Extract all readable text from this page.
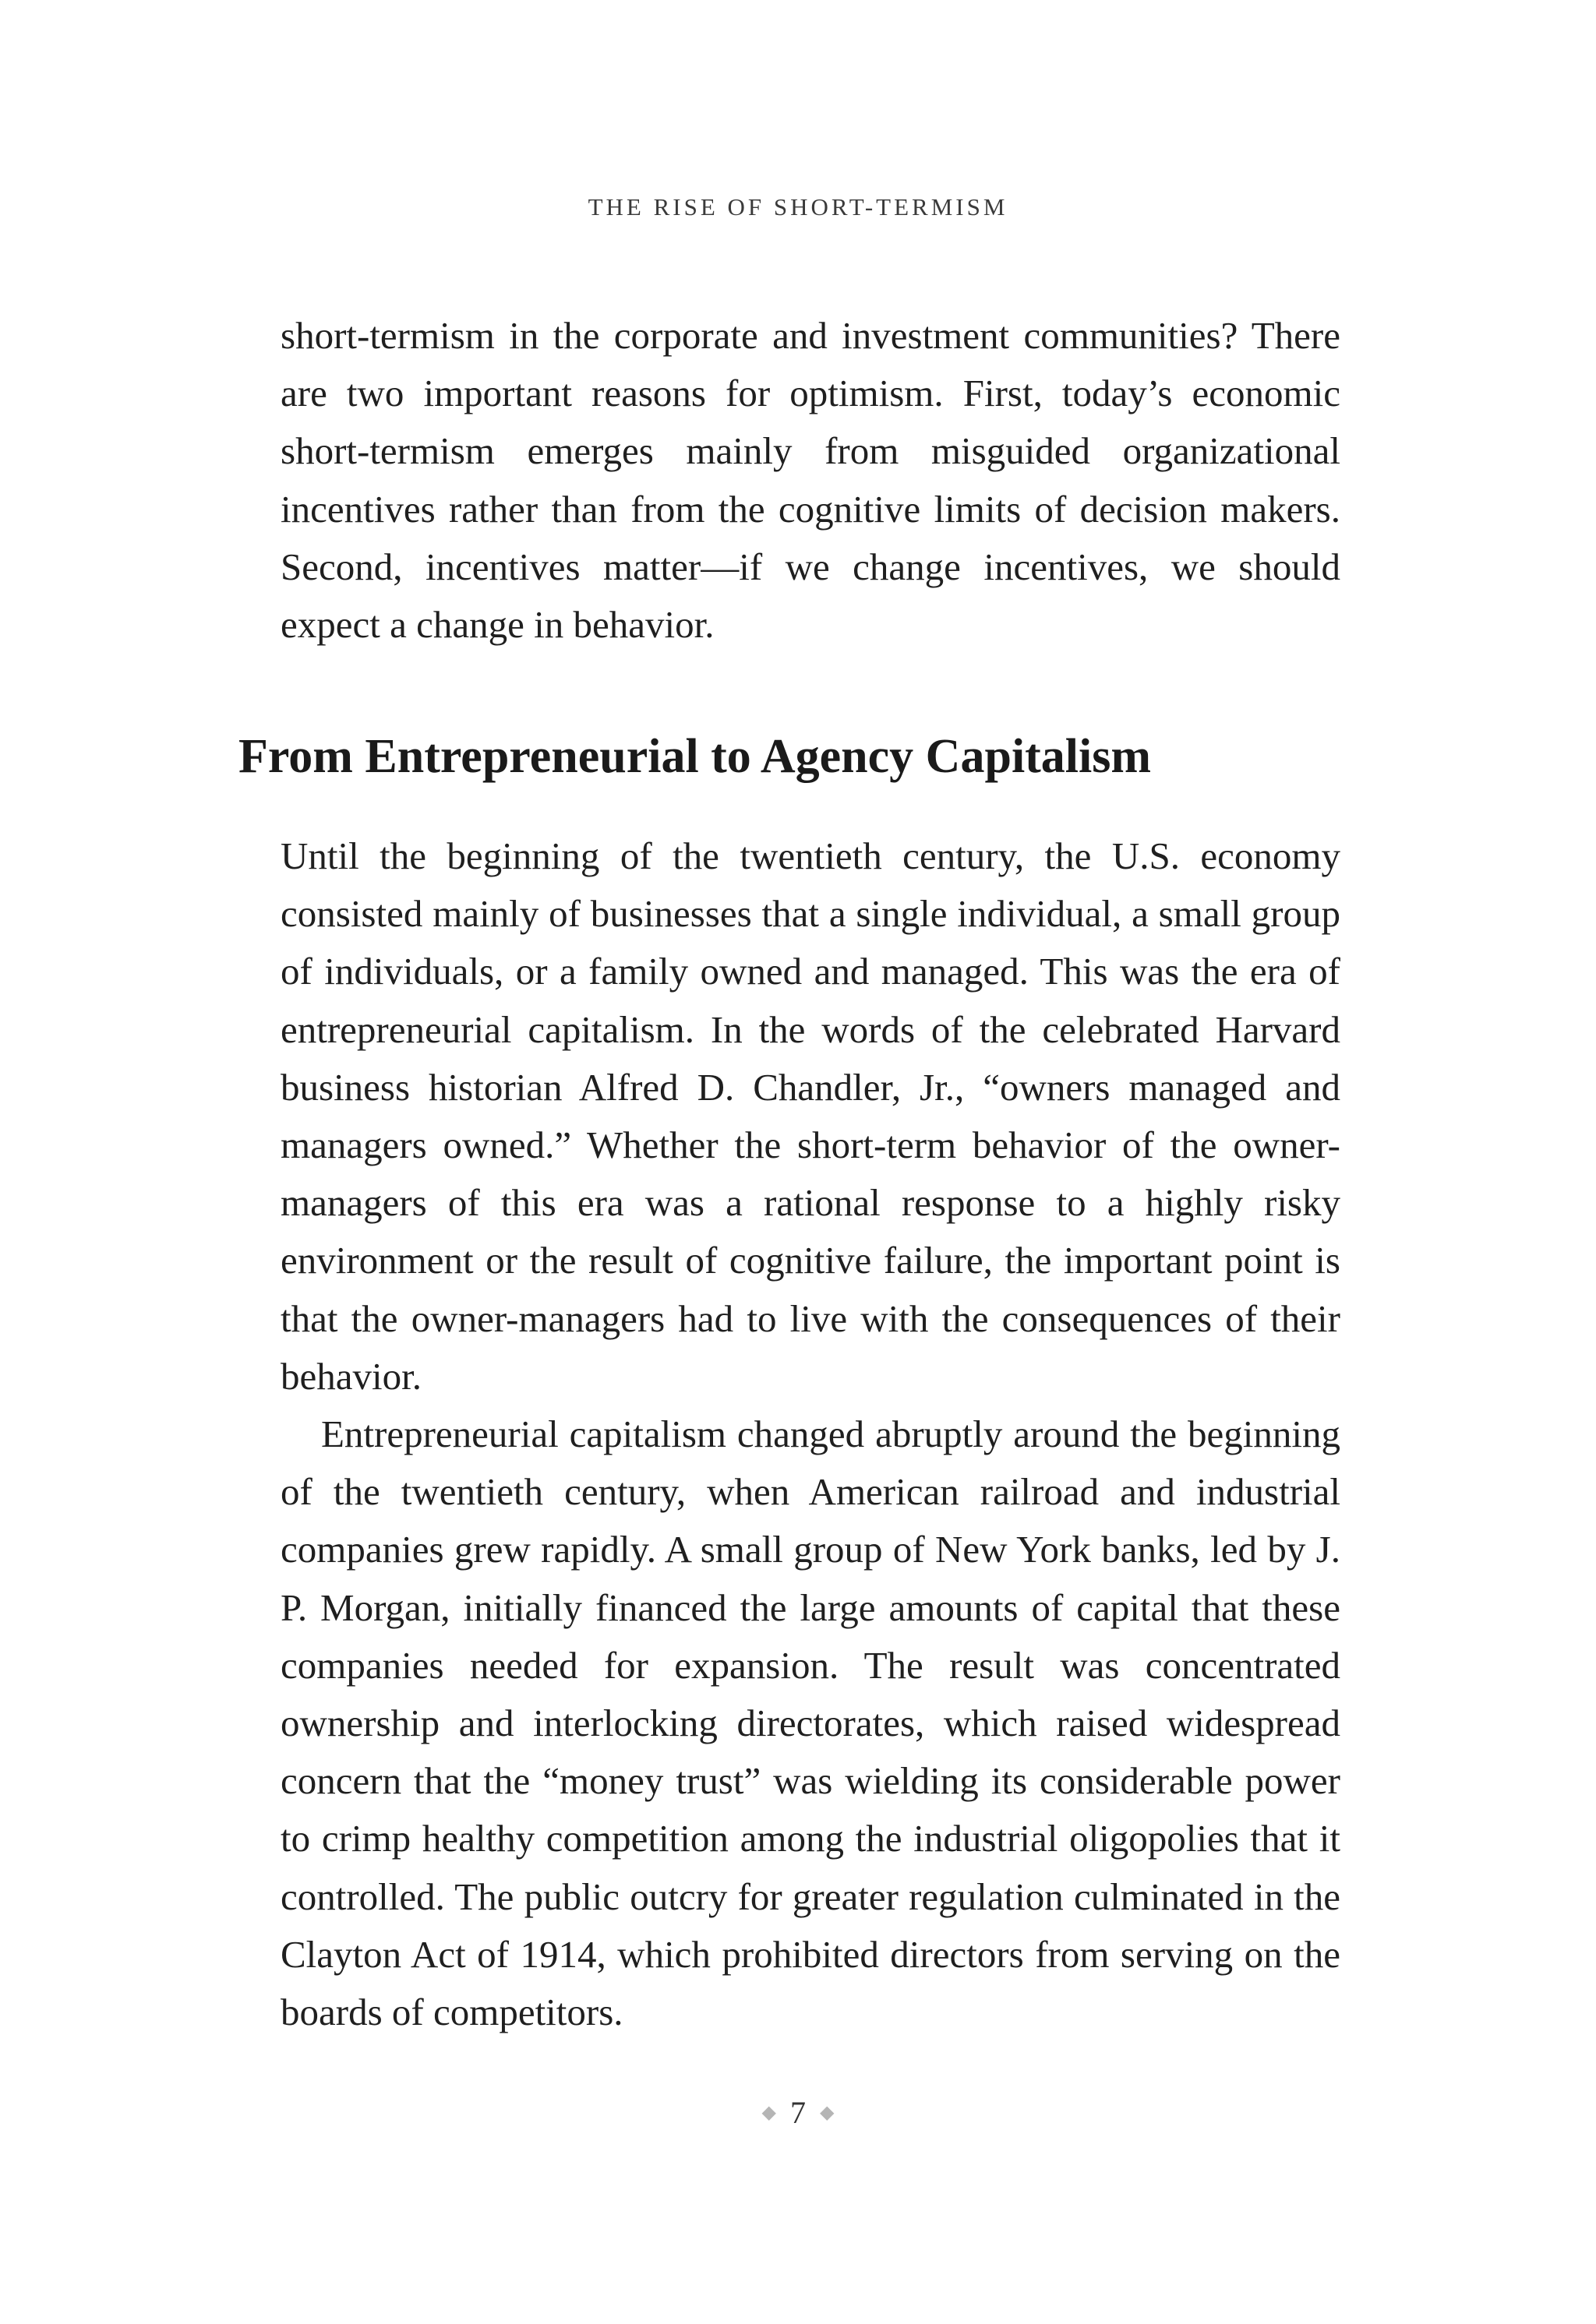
THE RISE OF SHORT-TERMISM

short-termism in the corporate and investment communities? There are two important reasons for optimism. First, today’s economic short-termism emerges mainly from misguided organizational incentives rather than from the cognitive limits of decision makers. Second, incentives matter—if we change incentives, we should expect a change in behavior.

From Entrepreneurial to Agency Capitalism

Until the beginning of the twentieth century, the U.S. economy consisted mainly of businesses that a single individual, a small group of individuals, or a family owned and managed. This was the era of entrepreneurial capitalism. In the words of the celebrated Harvard business historian Alfred D. Chandler, Jr., “owners managed and managers owned.” Whether the short-term behavior of the owner-managers of this era was a rational response to a highly risky environment or the result of cognitive failure, the important point is that the owner-managers had to live with the consequences of their behavior.

Entrepreneurial capitalism changed abruptly around the beginning of the twentieth century, when American railroad and industrial companies grew rapidly. A small group of New York banks, led by J. P. Morgan, initially financed the large amounts of capital that these companies needed for expansion. The result was concentrated ownership and interlocking directorates, which raised widespread concern that the “money trust” was wielding its considerable power to crimp healthy competition among the industrial oligopolies that it controlled. The public outcry for greater regulation culminated in the Clayton Act of 1914, which prohibited directors from serving on the boards of competitors.

◆ 7 ◆
